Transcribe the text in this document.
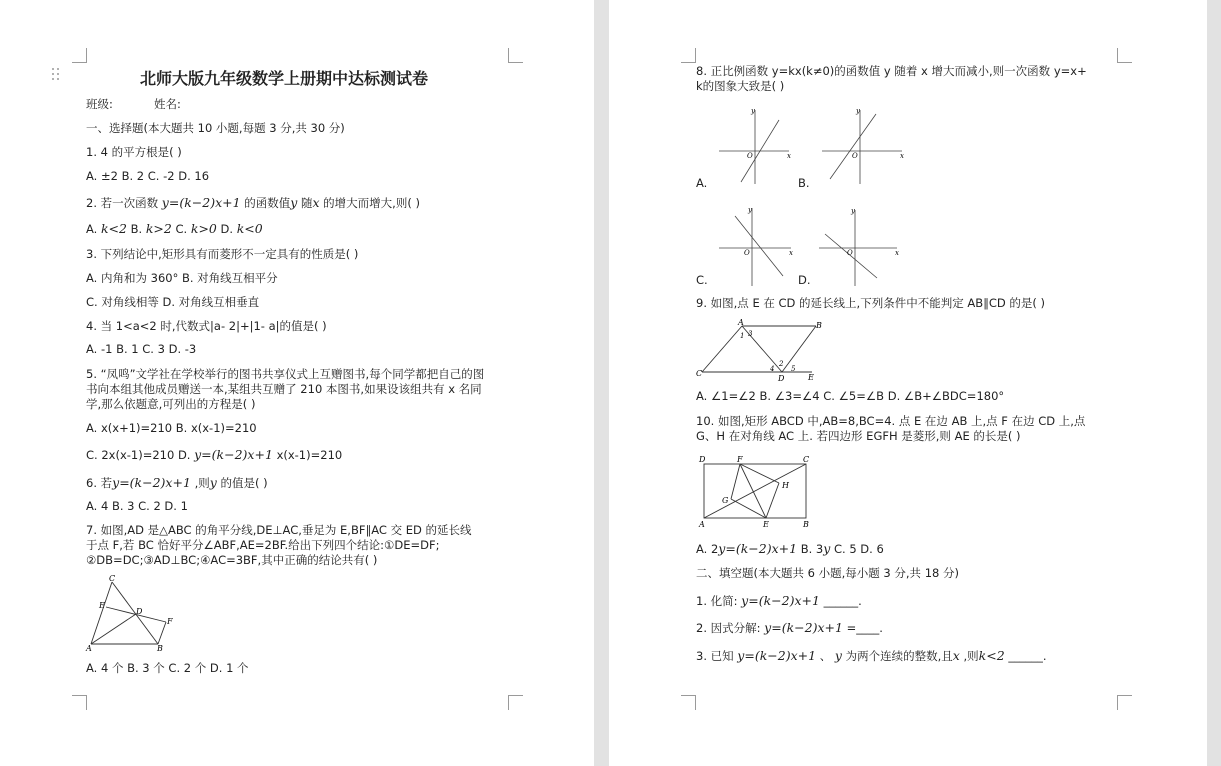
北师大版九年级数学上册期中达标测试卷
班级:	姓名:
一、选择题(本大题共 10 小题,每题 3 分,共 30 分)
1. 4 的平方根是( )
A. ±2 B. 2 C. -2 D. 16
2. 若一次函数 y=(k−2)x+1 的函数值y 随x 的增大而增大,则( )
A. k<2 B. k>2 C. k>0 D. k<0
3. 下列结论中,矩形具有而菱形不一定具有的性质是( )
A. 内角和为 360° B. 对角线互相平分
C. 对角线相等 D. 对角线互相垂直
4. 当 1<a<2 时,代数式|a- 2|+|1- a|的值是( )
A. -1 B. 1 C. 3 D. -3
5. “凤鸣”文学社在学校举行的图书共享仪式上互赠图书,每个同学都把自己的图
书向本组其他成员赠送一本,某组共互赠了 210 本图书,如果设该组共有 x 名同
学,那么依题意,可列出的方程是( )
A. x(x+1)=210 B. x(x-1)=210
C. 2x(x-1)=210 D. y=(k−2)x+1 x(x-1)=210
6. 若y=(k−2)x+1 ,则y 的值是( )
A. 4 B. 3 C. 2 D. 1
7. 如图,AD 是△ABC 的角平分线,DE⊥AC,垂足为 E,BF∥AC 交 ED 的延长线
于点 F,若 BC 恰好平分∠ABF,AE=2BF.给出下列四个结论:①DE=DF;
②DB=DC;③AD⊥BC;④AC=3BF,其中正确的结论共有( )
C
E
D
F
A	B
A. 4 个 B. 3 个 C. 2 个 D. 1 个
8. 正比例函数 y=kx(k≠0)的函数值 y 随着 x 增大而减小,则一次函数 y=x+
k的图象大致是( )
y
x
O
A.
y
x
O
B.
y
x
O
C.
y
x
O
D.
9. 如图,点 E 在 CD 的延长线上,下列条件中不能判定 AB∥CD 的是( )
A	B
C
D	E
1
2
3
4 5
A. ∠1=∠2 B. ∠3=∠4 C. ∠5=∠B D. ∠B+∠BDC=180°
10. 如图,矩形 ABCD 中,AB=8,BC=4. 点 E 在边 AB 上,点 F 在边 CD 上,点
G、H 在对角线 AC 上. 若四边形 EGFH 是菱形,则 AE 的长是( )
D	F	C
H
G
A	E	B
A. 2y=(k−2)x+1 B. 3y C. 5 D. 6
二、填空题(本大题共 6 小题,每小题 3 分,共 18 分)
1. 化简: y=(k−2)x+1 ______.
2. 因式分解: y=(k−2)x+1 =____.
3. 已知 y=(k−2)x+1 、 y 为两个连续的整数,且x ,则k<2 ______.
